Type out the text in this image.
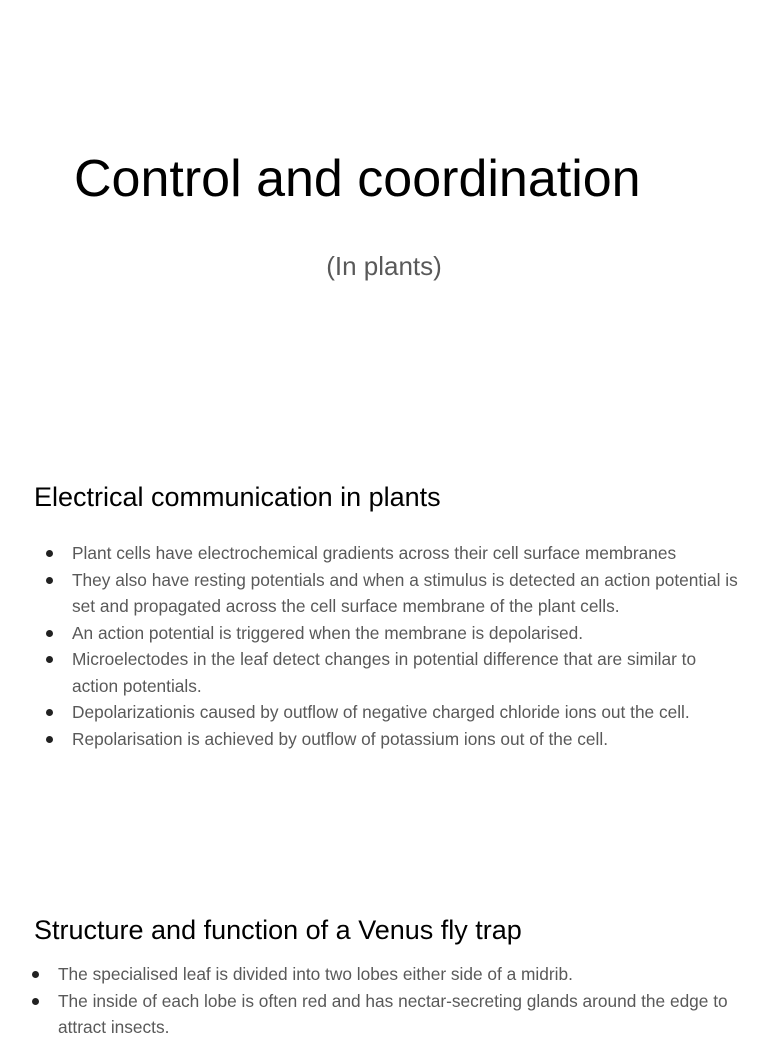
Control and coordination
(In plants)
Electrical communication in plants
Plant cells have electrochemical gradients across their cell surface membranes
They also have resting potentials and when a stimulus is detected an action potential is set and propagated across the cell surface membrane of the plant cells.
An action potential is triggered when the membrane is depolarised.
Microelectodes in the leaf detect changes in potential difference that are similar to action potentials.
Depolarizationis caused by outflow of negative charged chloride ions out the cell.
Repolarisation is achieved by outflow of potassium ions out of the cell.
Structure and function of a Venus fly trap
The specialised leaf is divided into two lobes either side of a midrib.
The inside of each lobe is often red and has nectar-secreting glands around the edge to attract insects.
